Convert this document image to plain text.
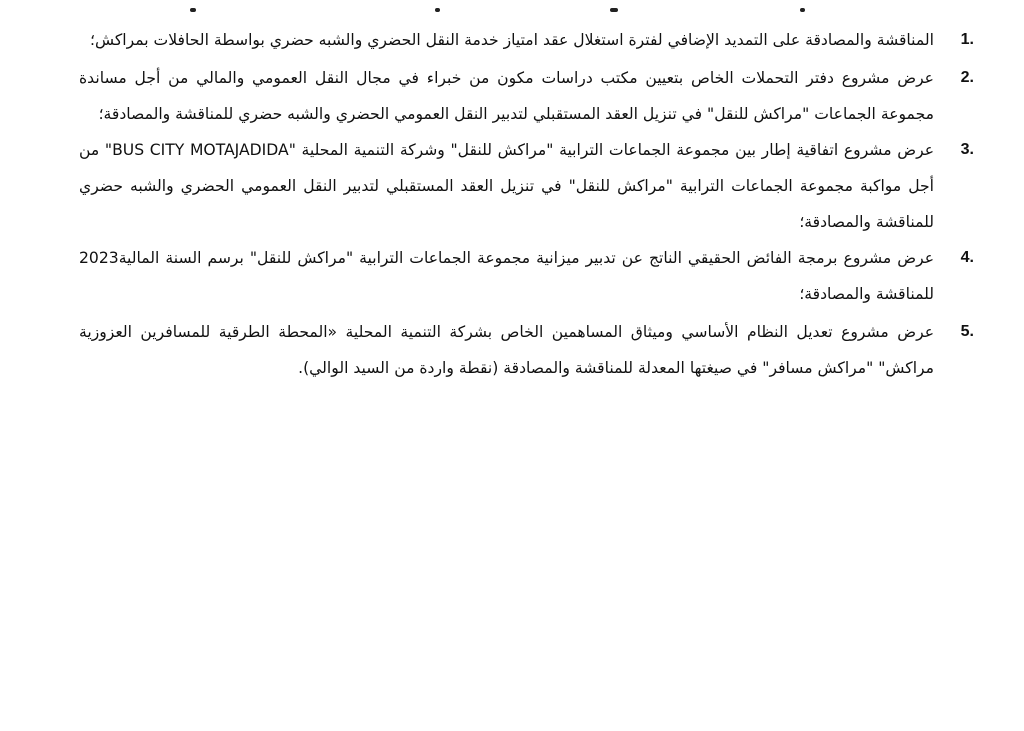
1.
المناقشة والمصادقة على التمديد الإضافي لفترة استغلال عقد امتياز خدمة النقل الحضري والشبه حضري بواسطة الحافلات بمراكش؛
2.
عرض مشروع دفتر التحملات الخاص بتعيين مكتب دراسات مكون من خبراء في مجال النقل العمومي والمالي من أجل مساندة مجموعة الجماعات "مراكش للنقل" في تنزيل العقد المستقبلي لتدبير النقل العمومي الحضري والشبه حضري للمناقشة والمصادقة؛
3.
عرض مشروع اتفاقية إطار بين مجموعة الجماعات الترابية "مراكش للنقل" وشركة التنمية المحلية "BUS CITY MOTAJADIDA" من أجل مواكبة مجموعة الجماعات الترابية "مراكش للنقل" في تنزيل العقد المستقبلي لتدبير النقل العمومي الحضري والشبه حضري للمناقشة والمصادقة؛
4.
عرض مشروع برمجة الفائض الحقيقي الناتج عن تدبير ميزانية مجموعة الجماعات الترابية "مراكش للنقل" برسم السنة المالية2023 للمناقشة والمصادقة؛
5.
عرض مشروع تعديل النظام الأساسي وميثاق المساهمين الخاص بشركة التنمية المحلية «المحطة الطرقية للمسافرين العزوزية مراكش" "مراكش مسافر" في صيغتها المعدلة للمناقشة والمصادقة (نقطة واردة من السيد الوالي).
